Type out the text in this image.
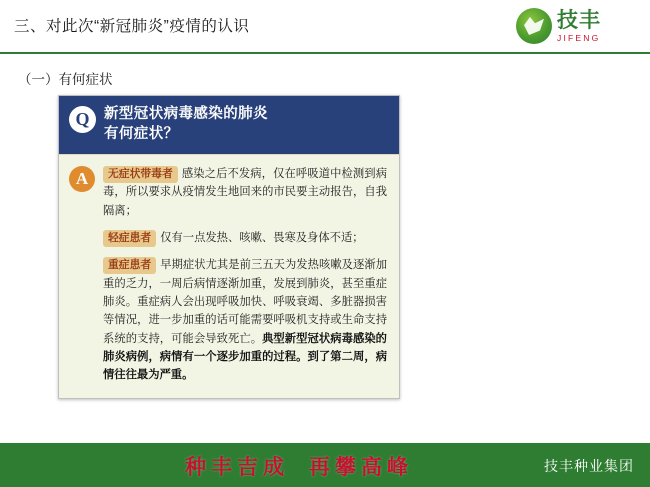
三、对此次“新冠肺炎”疫情的认识	技丰
JIFENG
（一）有何症状
Q	新型冠状病毒感染的肺炎
有何症状？
A	无症状带毒者 感染之后不发病，仅在呼吸道中检测到病毒，所以要求从疫情发生地回来的市民要主动报告，自我隔离；
轻症患者 仅有一点发热、咳嗽、畏寒及身体不适；
重症患者 早期症状尤其是前三五天为发热咳嗽及逐渐加重的乏力，一周后病情逐渐加重，发展到肺炎，甚至重症肺炎。重症病人会出现呼吸加快、呼吸衰竭、多脏器损害等情况，进一步加重的话可能需要呼吸机支持或生命支持系统的支持，可能会导致死亡。典型新型冠状病毒感染的肺炎病例，病情有一个逐步加重的过程。到了第二周，病情往往最为严重。
种丰吉成 再攀高峰	技丰种业集团
